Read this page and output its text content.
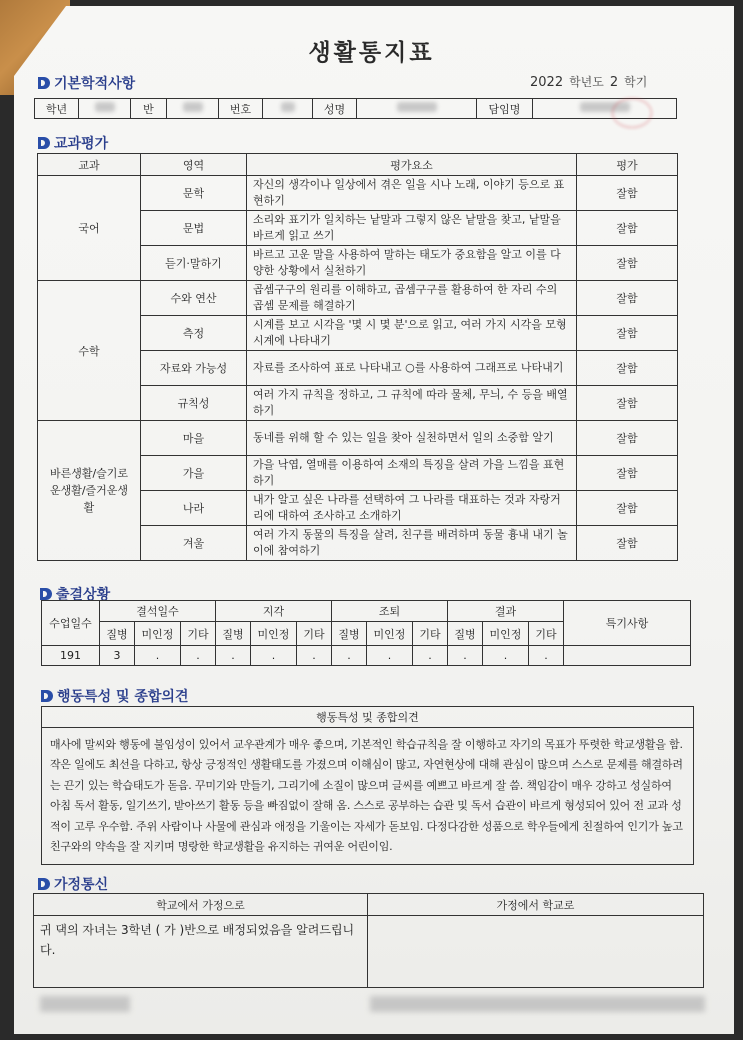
생활통지표
기본학적사항	2022 학년도 2 학기
학년		반		번호		성명		담임명	
교과평가
교과	영역	평가요소	평가
국어	문학	자신의 생각이나 일상에서 겪은 일을 시나 노래, 이야기 등으로 표현하기	잘함
	문법	소리와 표기가 일치하는 낱말과 그렇지 않은 낱말을 찾고, 낱말을 바르게 읽고 쓰기	잘함
	듣기·말하기	바르고 고운 말을 사용하여 말하는 태도가 중요함을 알고 이를 다양한 상황에서 실천하기	잘함
수학	수와 연산	곱셈구구의 원리를 이해하고, 곱셈구구를 활용하여 한 자리 수의 곱셈 문제를 해결하기	잘함
	측정	시계를 보고 시각을 '몇 시 몇 분'으로 읽고, 여러 가지 시각을 모형 시계에 나타내기	잘함
	자료와 가능성	자료를 조사하여 표로 나타내고 ○를 사용하여 그래프로 나타내기	잘함
	규칙성	여러 가지 규칙을 정하고, 그 규칙에 따라 물체, 무늬, 수 등을 배열하기	잘함
바른생활/슬기로운생활/즐거운생활	마을	동네를 위해 할 수 있는 일을 찾아 실천하면서 일의 소중함 알기	잘함
	가을	가을 낙엽, 열매를 이용하여 소재의 특징을 살려 가을 느낌을 표현하기	잘함
	나라	내가 알고 싶은 나라를 선택하여 그 나라를 대표하는 것과 자랑거리에 대하여 조사하고 소개하기	잘함
	겨울	여러 가지 동물의 특징을 살려, 친구를 배려하며 동물 흉내 내기 놀이에 참여하기	잘함
출결상황
수업일수	결석일수			지각			조퇴			결과			특기사항
	질병	미인정	기타	질병	미인정	기타	질병	미인정	기타	질병	미인정	기타	
191	3	.	.	.	.	.	.	.	.	.	.	.	
행동특성 및 종합의견
행동특성 및 종합의견
매사에 말씨와 행동에 불임성이 있어서 교우관계가 매우 좋으며, 기본적인 학습규칙을 잘 이행하고 자기의 목표가 뚜렷한 학교생활을 함. 작은 일에도 최선을 다하고, 항상 긍정적인 생활태도를 가졌으며 이해심이 많고, 자연현상에 대해 관심이 많으며 스스로 문제를 해결하려는 끈기 있는 학습태도가 돋음. 꾸미기와 만들기, 그리기에 소질이 많으며 글씨를 예쁘고 바르게 잘 씀. 책임감이 매우 강하고 성실하여 아침 독서 활동, 일기쓰기, 받아쓰기 활동 등을 빠짐없이 잘해 옴. 스스로 공부하는 습관 및 독서 습관이 바르게 형성되어 있어 전 교과 성적이 고루 우수함. 주위 사람이나 사물에 관심과 애정을 기울이는 자세가 돋보임. 다정다감한 성품으로 학우들에게 친절하여 인기가 높고 친구와의 약속을 잘 지키며 명랑한 학교생활을 유지하는 귀여운 어린이임.
가정통신
학교에서 가정으로	가정에서 학교로
귀 댁의 자녀는 3학년 ( 가 )반으로 배정되었음을 알려드립니다.	
